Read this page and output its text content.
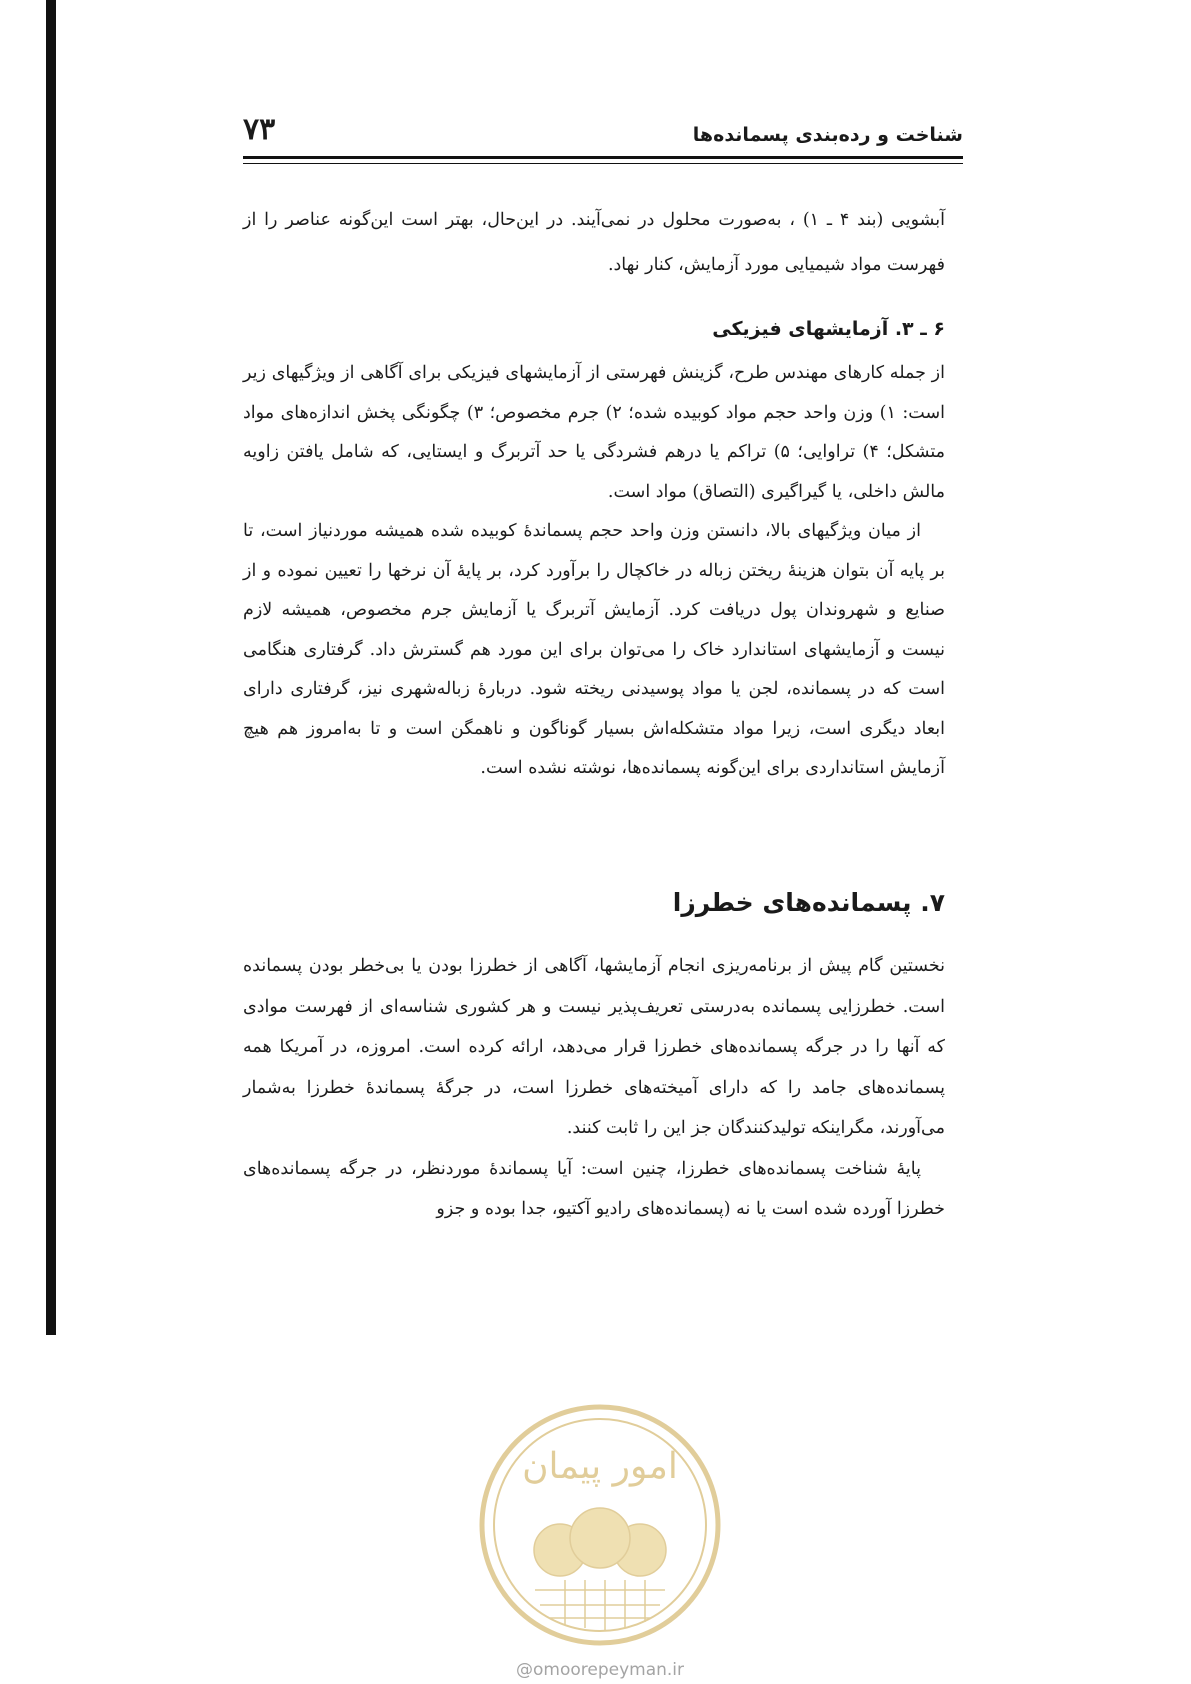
۷۳	شناخت و رده‌بندی پسمانده‌ها

آبشویی (بند ۴ ـ ۱) ، به‌صورت محلول در نمی‌آیند. در این‌حال، بهتر است این‌گونه عناصر را از فهرست مواد شیمیایی مورد آزمایش، کنار نهاد.

۶ ـ ۳. آزمایشهای فیزیکی

از جمله کارهای مهندس طرح، گزینش فهرستی از آزمایشهای فیزیکی برای آگاهی از ویژگیهای زیر است: ۱) وزن واحد حجم مواد کوبیده شده؛ ۲) جرم مخصوص؛ ۳) چگونگی پخش اندازه‌های مواد متشکل؛ ۴) تراوایی؛ ۵) تراکم یا درهم فشردگی یا حد آتربرگ و ایستایی، که شامل یافتن زاویه مالش داخلی، یا گیراگیری (التصاق) مواد است.

از میان ویژگیهای بالا، دانستن وزن واحد حجم پسماندهٔ کوبیده شده همیشه موردنیاز است، تا بر پایه آن بتوان هزینهٔ ریختن زباله در خاکچال را برآورد کرد، بر پایهٔ آن نرخها را تعیین نموده و از صنایع و شهروندان پول دریافت کرد. آزمایش آتربرگ یا آزمایش جرم مخصوص، همیشه لازم نیست و آزمایشهای استاندارد خاک را می‌توان برای این مورد هم گسترش داد. گرفتاری هنگامی است که در پسمانده، لجن یا مواد پوسیدنی ریخته شود. دربارهٔ زباله‌شهری نیز، گرفتاری دارای ابعاد دیگری است، زیرا مواد متشکله‌اش بسیار گوناگون و ناهمگن است و تا به‌امروز هم هیچ آزمایش استانداردی برای این‌گونه پسمانده‌ها، نوشته نشده است.

۷. پسمانده‌های خطرزا

نخستین گام پیش از برنامه‌ریزی انجام آزمایشها، آگاهی از خطرزا بودن یا بی‌خطر بودن پسمانده است. خطرزایی پسمانده به‌درستی تعریف‌پذیر نیست و هر کشوری شناسه‌ای از فهرست موادی که آنها را در جرگه پسمانده‌های خطرزا قرار می‌دهد، ارائه کرده است. امروزه، در آمریکا همه پسمانده‌های جامد را که دارای آمیخته‌های خطرزا است، در جرگهٔ پسماندهٔ خطرزا به‌شمار می‌آورند، مگراینکه تولیدکنندگان جز این را ثابت کنند.

پایهٔ شناخت پسمانده‌های خطرزا، چنین است: آیا پسماندهٔ موردنظر، در جرگه پسمانده‌های خطرزا آورده شده است یا نه (پسمانده‌های رادیو آکتیو، جدا بوده و جزو

امور پیمان
@omoorepeyman.ir
